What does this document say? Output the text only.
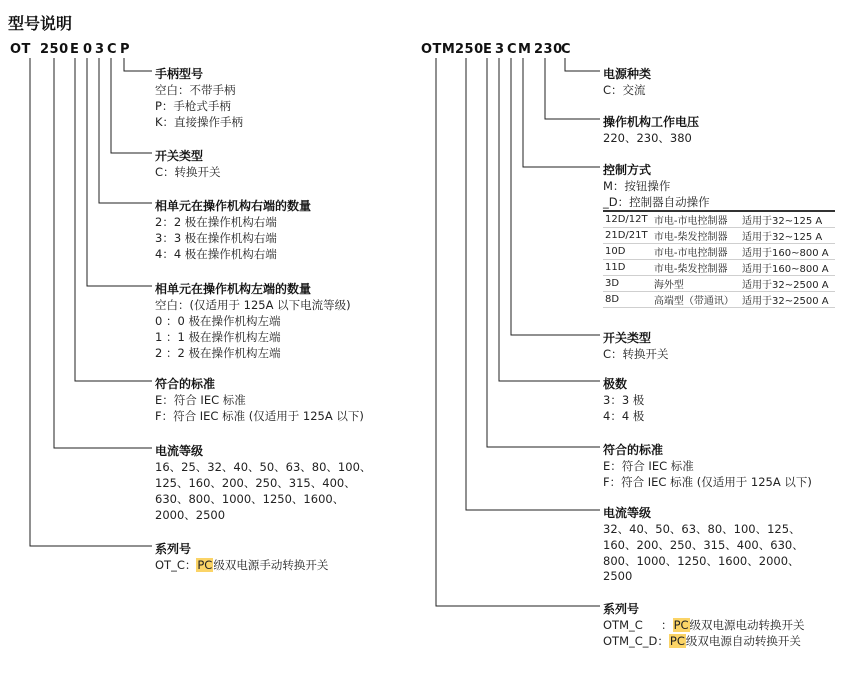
型号说明
OT 250 E 0 3 C P
手柄型号
空白：不带手柄
P：手枪式手柄
K：直接操作手柄
开关类型
C：转换开关
相单元在操作机构右端的数量
2：2 极在操作机构右端
3：3 极在操作机构右端
4：4 极在操作机构右端
相单元在操作机构左端的数量
空白：(仅适用于 125A 以下电流等级)
0 ：0 极在操作机构左端
1 ：1 极在操作机构左端
2 ：2 极在操作机构左端
符合的标准
E：符合 IEC 标准
F：符合 IEC 标准 (仅适用于 125A 以下)
电流等级
16、25、32、40、50、63、80、100、
125、160、200、250、315、400、
630、800、1000、1250、1600、
2000、2500
系列号
OT_C：PC级双电源手动转换开关
OTM 250 E 3 C M 230
C
电源种类
C：交流
操作机构工作电压
220、230、380
控制方式
M：按钮操作
_D：控制器自动操作
12D/12T	市电-市电控制器	适用于32~125 A
21D/21T	市电-柴发控制器	适用于32~125 A
10D	市电-市电控制器	适用于160~800 A
11D	市电-柴发控制器	适用于160~800 A
3D	海外型	适用于32~2500 A
8D	高端型（带通讯）	适用于32~2500 A
开关类型
C：转换开关
极数
3：3 极
4：4 极
符合的标准
E：符合 IEC 标准
F：符合 IEC 标准 (仅适用于 125A 以下)
电流等级
32、40、50、63、80、100、125、
160、200、250、315、400、630、
800、1000、1250、1600、2000、
2500
系列号
OTM_C     ：PC级双电源电动转换开关
OTM_C_D：PC级双电源自动转换开关
